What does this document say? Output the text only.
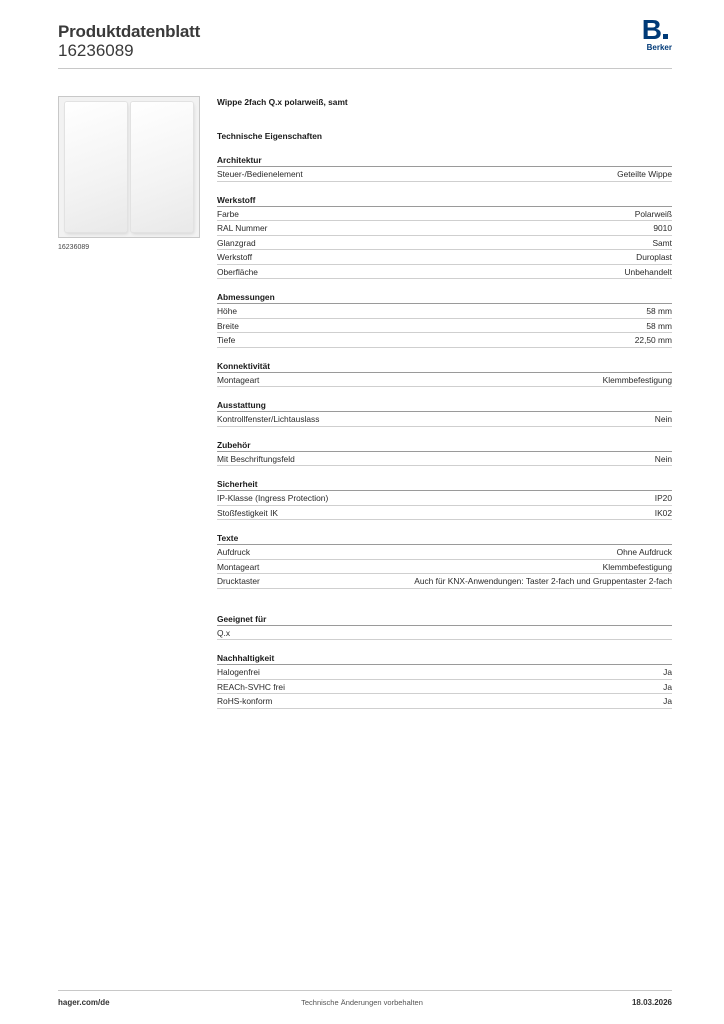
Produktdatenblatt
16236089
B
Berker
16236089
Wippe 2fach Q.x polarweiß, samt
Technische Eigenschaften
Architektur
Steuer-/Bedienelement	Geteilte Wippe
Werkstoff
Farbe	Polarweiß
RAL Nummer	9010
Glanzgrad	Samt
Werkstoff	Duroplast
Oberfläche	Unbehandelt
Abmessungen
Höhe	58 mm
Breite	58 mm
Tiefe	22,50 mm
Konnektivität
Montageart	Klemmbefestigung
Ausstattung
Kontrollfenster/Lichtauslass	Nein
Zubehör
Mit Beschriftungsfeld	Nein
Sicherheit
IP-Klasse (Ingress Protection)	IP20
Stoßfestigkeit IK	IK02
Texte
Aufdruck	Ohne Aufdruck
Montageart	Klemmbefestigung
Drucktaster	Auch für KNX-Anwendungen: Taster 2-fach und Gruppentaster 2-fach
Geeignet für
Q.x
Nachhaltigkeit
Halogenfrei	Ja
REACh-SVHC frei	Ja
RoHS-konform	Ja
hager.com/de	Technische Änderungen vorbehalten	18.03.2026
